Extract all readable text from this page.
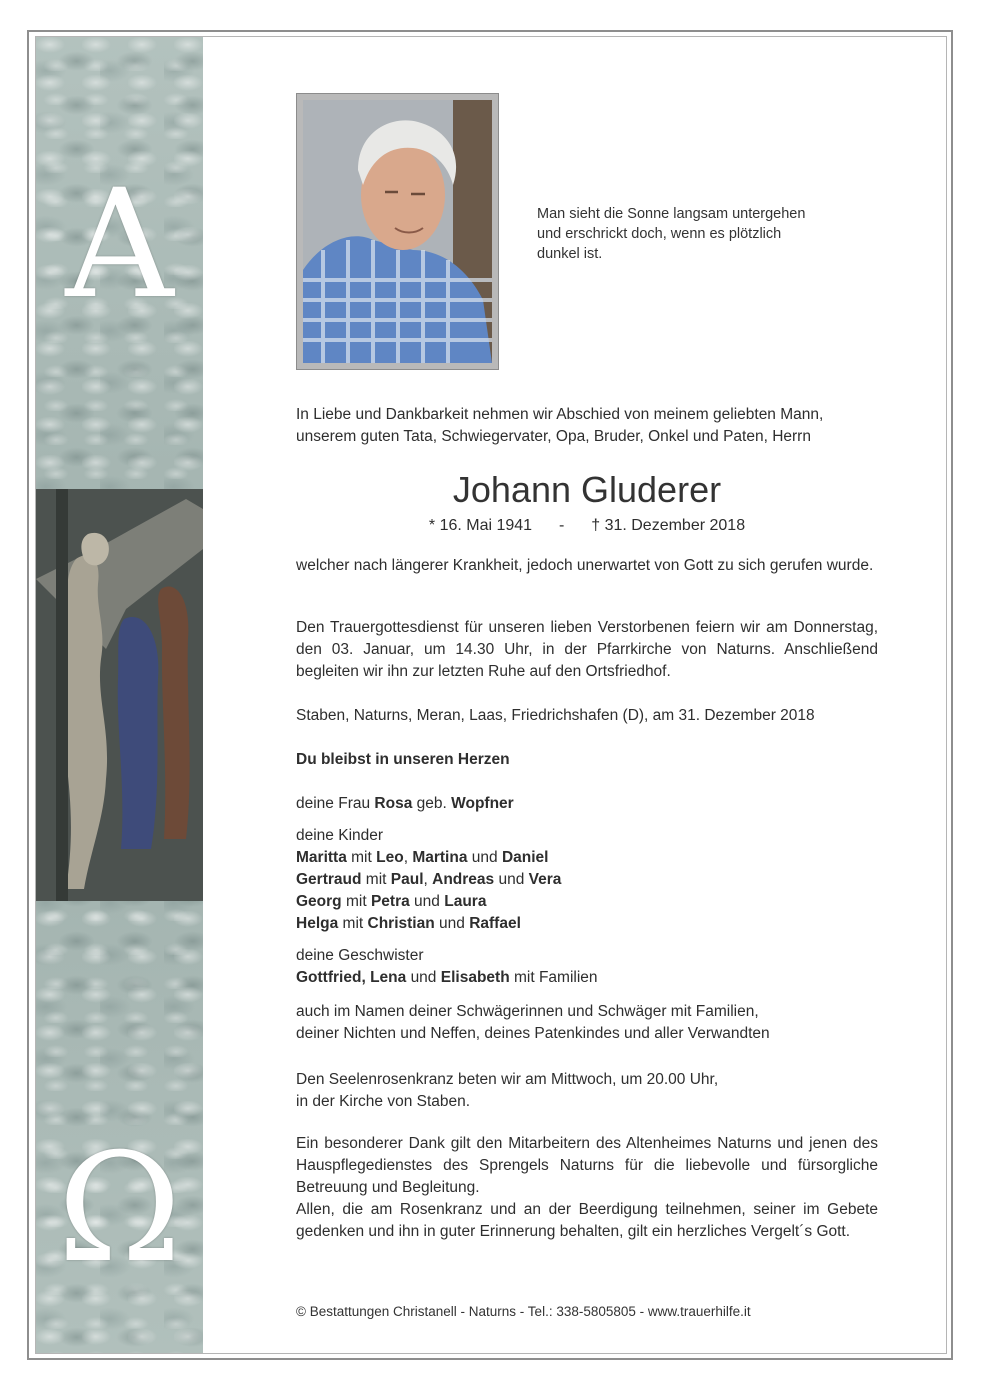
A
Ω
Man sieht die Sonne langsam untergehen
und erschrickt doch, wenn es plötzlich
dunkel ist.
In Liebe und Dankbarkeit nehmen wir Abschied von meinem geliebten Mann,
unserem guten Tata, Schwiegervater, Opa, Bruder, Onkel und Paten, Herrn
Johann Gluderer
* 16. Mai 1941 - † 31. Dezember 2018
welcher nach längerer Krankheit, jedoch unerwartet von Gott zu sich gerufen wurde.
Den Trauergottesdienst für unseren lieben Verstorbenen feiern wir am Donnerstag, den 03. Januar, um 14.30 Uhr, in der Pfarrkirche von Naturns. Anschließend begleiten wir ihn zur letzten Ruhe auf den Ortsfriedhof.
Staben, Naturns, Meran, Laas, Friedrichshafen (D), am 31. Dezember 2018
Du bleibst in unseren Herzen
deine Frau Rosa geb. Wopfner
deine Kinder
Maritta mit Leo, Martina und Daniel
Gertraud mit Paul, Andreas und Vera
Georg mit Petra und Laura
Helga mit Christian und Raffael
deine Geschwister
Gottfried, Lena und Elisabeth mit Familien
auch im Namen deiner Schwägerinnen und Schwäger mit Familien,
deiner Nichten und Neffen, deines Patenkindes und aller Verwandten
Den Seelenrosenkranz beten wir am Mittwoch, um 20.00 Uhr,
in der Kirche von Staben.
Ein besonderer Dank gilt den Mitarbeitern des Altenheimes Naturns und jenen des Hauspflegedienstes des Sprengels Naturns für die liebevolle und fürsorgliche Betreuung und Begleitung.
Allen, die am Rosenkranz und an der Beerdigung teilnehmen, seiner im Gebete gedenken und ihn in guter Erinnerung behalten, gilt ein herzliches Vergelt´s Gott.
© Bestattungen Christanell - Naturns - Tel.: 338-5805805 - www.trauerhilfe.it
